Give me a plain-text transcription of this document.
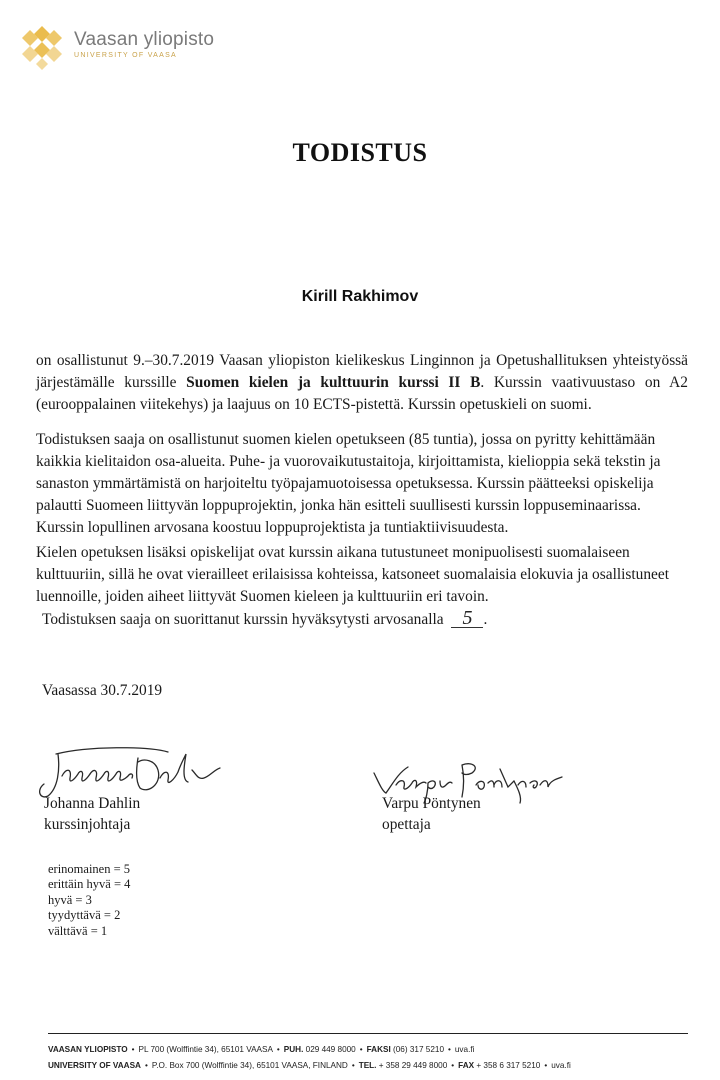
Vaasan yliopisto
UNIVERSITY OF VAASA
TODISTUS
Kirill Rakhimov

on osallistunut 9.–30.7.2019 Vaasan yliopiston kielikeskus Linginnon ja Opetushallituksen yhteistyössä järjestämälle kurssille Suomen kielen ja kulttuurin kurssi II B. Kurssin vaativuustaso on A2 (eurooppalainen viitekehys) ja laajuus on 10 ECTS-pistettä. Kurssin opetuskieli on suomi.

Todistuksen saaja on osallistunut suomen kielen opetukseen (85 tuntia), jossa on pyritty kehittämään kaikkia kielitaidon osa-alueita. Puhe- ja vuorovaikutustaitoja, kirjoittamista, kielioppia sekä tekstin ja sanaston ymmärtämistä on harjoiteltu työpajamuotoisessa opetuksessa. Kurssin päätteeksi opiskelija palautti Suomeen liittyvän loppuprojektin, jonka hän esitteli suullisesti kurssin loppuseminaarissa. Kurssin lopullinen arvosana koostuu loppuprojektista ja tuntiaktiivisuudesta.

Kielen opetuksen lisäksi opiskelijat ovat kurssin aikana tutustuneet monipuolisesti suomalaiseen kulttuuriin, sillä he ovat vierailleet erilaisissa kohteissa, katsoneet suomalaisia elokuvia ja osallistuneet luennoille, joiden aiheet liittyvät Suomen kieleen ja kulttuuriin eri tavoin.

Todistuksen saaja on suorittanut kurssin hyväksytysti arvosanalla 5 .
Vaasassa 30.7.2019
Johanna Dahlin
kurssinjohtaja
Varpu Pöntynen
opettaja
erinomainen = 5
erittäin hyvä = 4
hyvä = 3
tyydyttävä = 2
välttävä = 1
VAASAN YLIOPISTO • PL 700 (Wolffintie 34), 65101 VAASA • PUH. 029 449 8000 • FAKSI (06) 317 5210 • uva.fi
UNIVERSITY OF VAASA • P.O. Box 700 (Wolffintie 34), 65101 VAASA, FINLAND • TEL. + 358 29 449 8000 • FAX + 358 6 317 5210 • uva.fi
